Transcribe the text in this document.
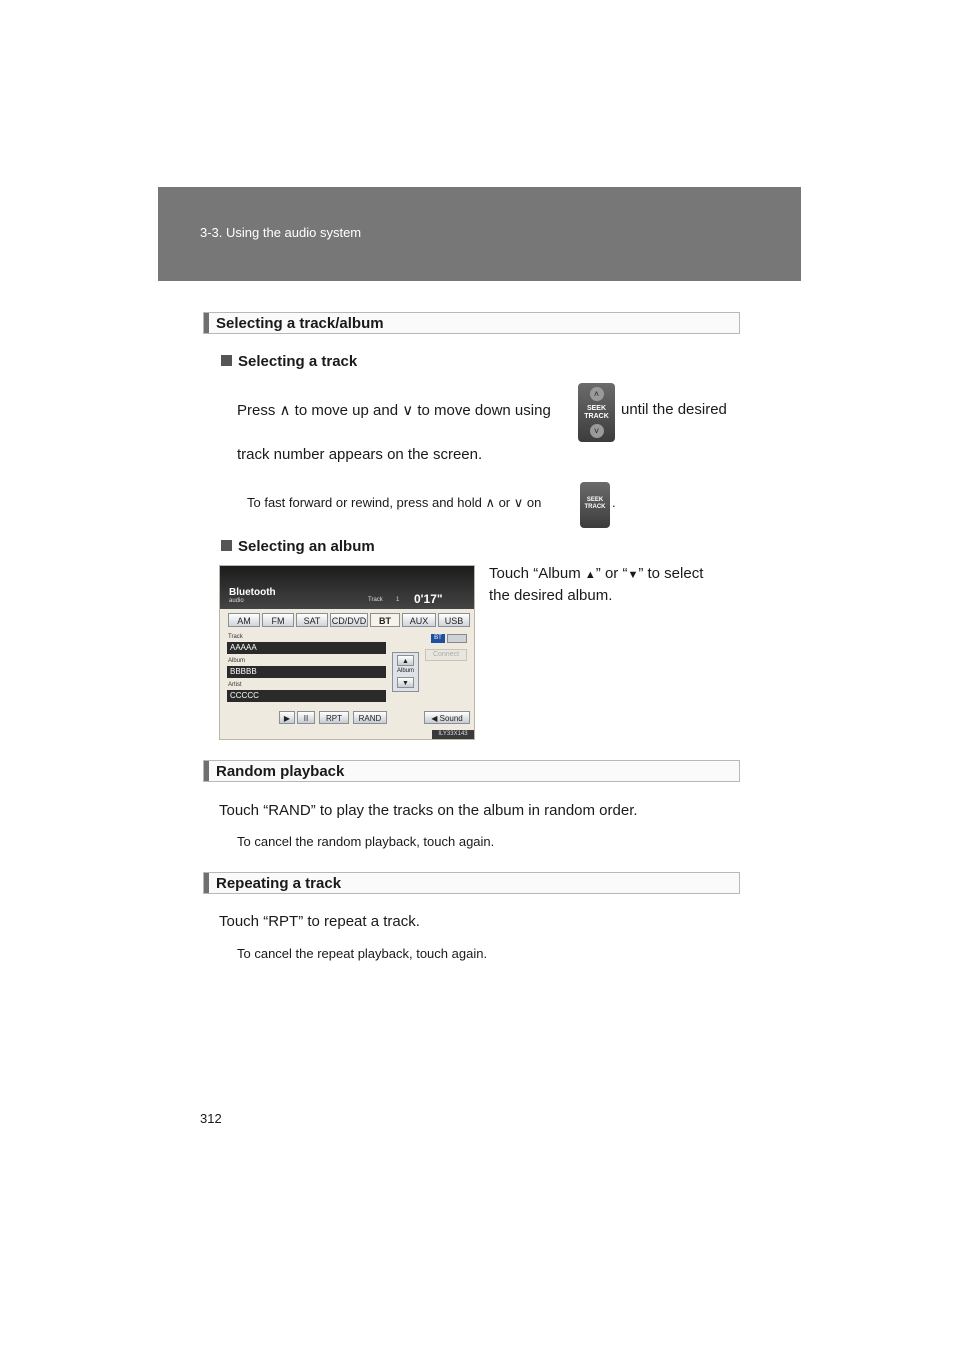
3-3. Using the audio system
Selecting a track/album
Selecting a track
Press ∧ to move up and ∨ to move down using
˄
SEEK
TRACK
˅
until the desired
track number appears on the screen.
To fast forward or rewind, press and hold ∧ or ∨ on	SEEK
TRACK .
Selecting an album
Touch “Album ▲” or “▼” to select
the desired album.
Bluetooth
audio	Track 1 0'17"
AM	FM	SAT	CD/DVD	BT	AUX	USB
Track
AAAAA
Album
BBBBB
Artist
CCCCC
▲
Album
▼
BT
Connect
▶	II	RPT	RAND	◀ Sound
ILY33X143
Random playback
Touch “RAND” to play the tracks on the album in random order.
To cancel the random playback, touch again.
Repeating a track
Touch “RPT” to repeat a track.
To cancel the repeat playback, touch again.
312
